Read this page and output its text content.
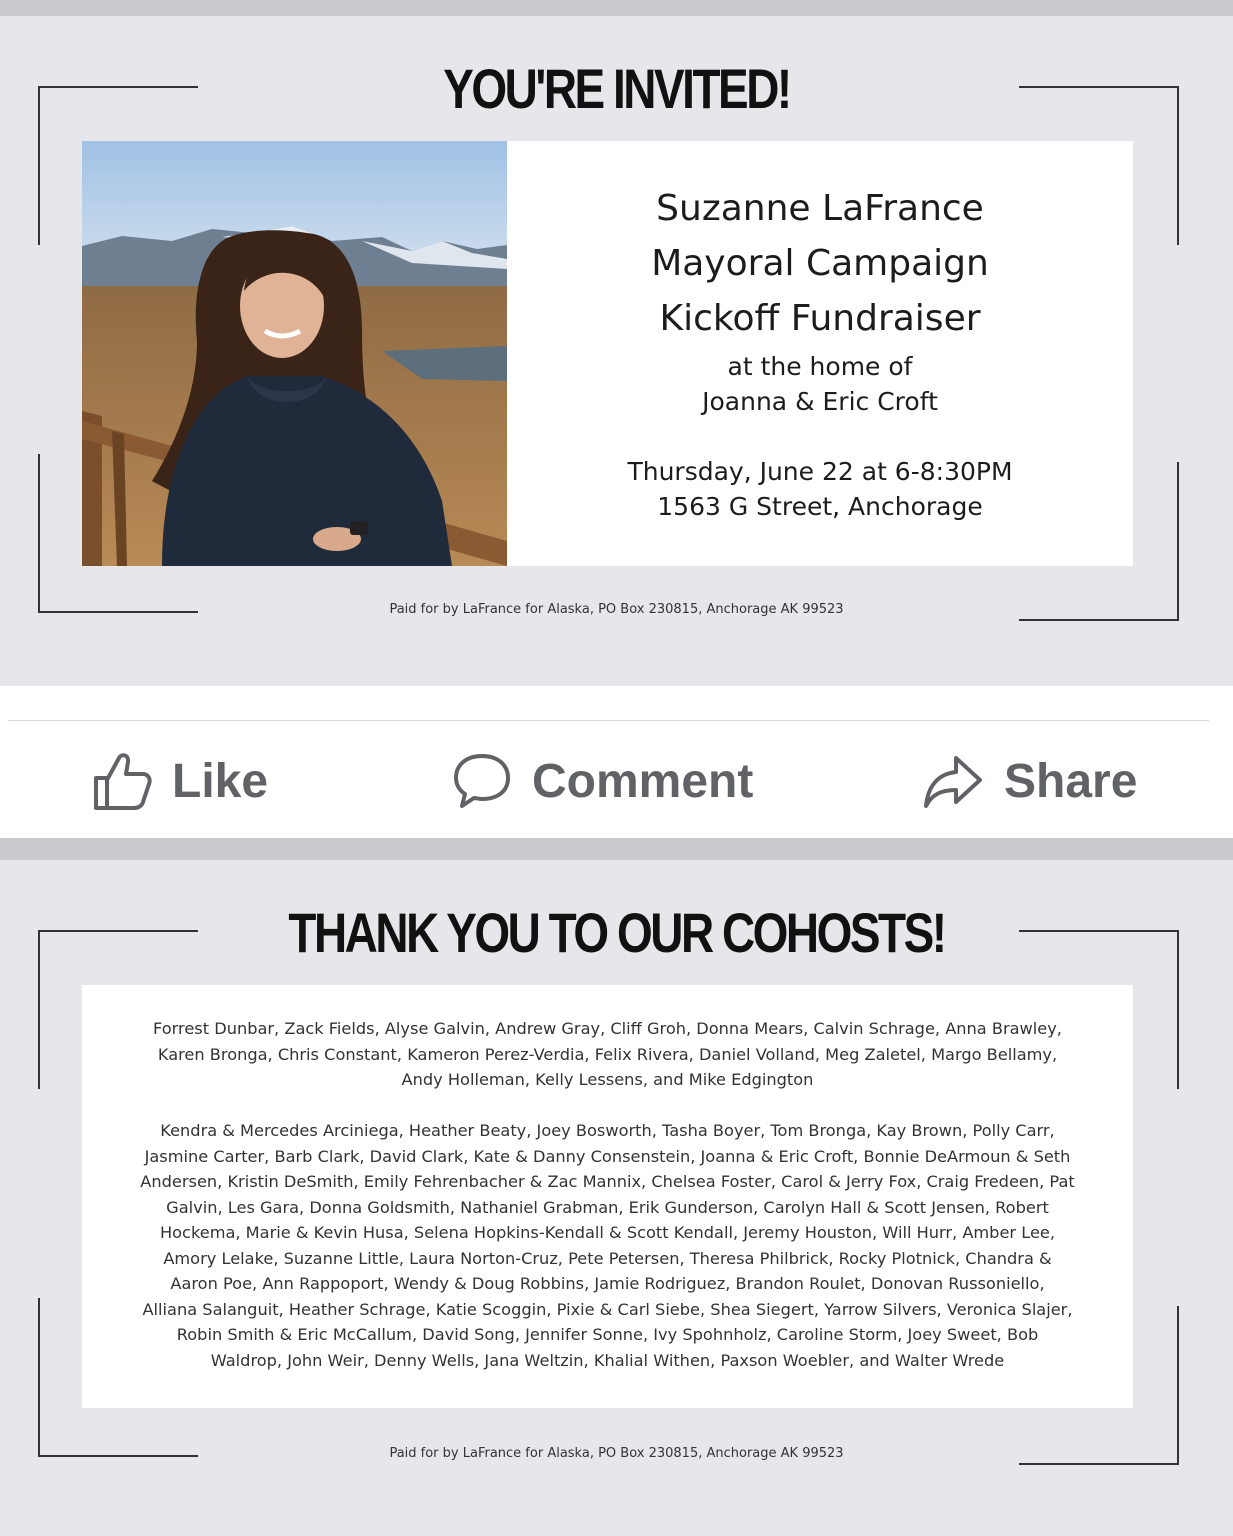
YOU'RE INVITED!
Suzanne LaFrance
Mayoral Campaign
Kickoff Fundraiser
at the home of
Joanna & Eric Croft
Thursday, June 22 at 6-8:30PM
1563 G Street, Anchorage
Paid for by LaFrance for Alaska, PO Box 230815, Anchorage AK 99523
Like	Comment	Share
THANK YOU TO OUR COHOSTS!
Forrest Dunbar, Zack Fields, Alyse Galvin, Andrew Gray, Cliff Groh, Donna Mears, Calvin Schrage, Anna Brawley,
Karen Bronga, Chris Constant, Kameron Perez-Verdia, Felix Rivera, Daniel Volland, Meg Zaletel, Margo Bellamy,
Andy Holleman, Kelly Lessens, and Mike Edgington
Kendra & Mercedes Arciniega, Heather Beaty, Joey Bosworth, Tasha Boyer, Tom Bronga, Kay Brown, Polly Carr,
Jasmine Carter, Barb Clark, David Clark, Kate & Danny Consenstein, Joanna & Eric Croft, Bonnie DeArmoun & Seth
Andersen, Kristin DeSmith, Emily Fehrenbacher & Zac Mannix, Chelsea Foster, Carol & Jerry Fox, Craig Fredeen, Pat
Galvin, Les Gara, Donna Goldsmith, Nathaniel Grabman, Erik Gunderson, Carolyn Hall & Scott Jensen, Robert
Hockema, Marie & Kevin Husa, Selena Hopkins-Kendall & Scott Kendall, Jeremy Houston, Will Hurr, Amber Lee,
Amory Lelake, Suzanne Little, Laura Norton-Cruz, Pete Petersen, Theresa Philbrick, Rocky Plotnick, Chandra &
Aaron Poe, Ann Rappoport, Wendy & Doug Robbins, Jamie Rodriguez, Brandon Roulet, Donovan Russoniello,
Alliana Salanguit, Heather Schrage, Katie Scoggin, Pixie & Carl Siebe, Shea Siegert, Yarrow Silvers, Veronica Slajer,
Robin Smith & Eric McCallum, David Song, Jennifer Sonne, Ivy Spohnholz, Caroline Storm, Joey Sweet, Bob
Waldrop, John Weir, Denny Wells, Jana Weltzin, Khalial Withen, Paxson Woebler, and Walter Wrede
Paid for by LaFrance for Alaska, PO Box 230815, Anchorage AK 99523
